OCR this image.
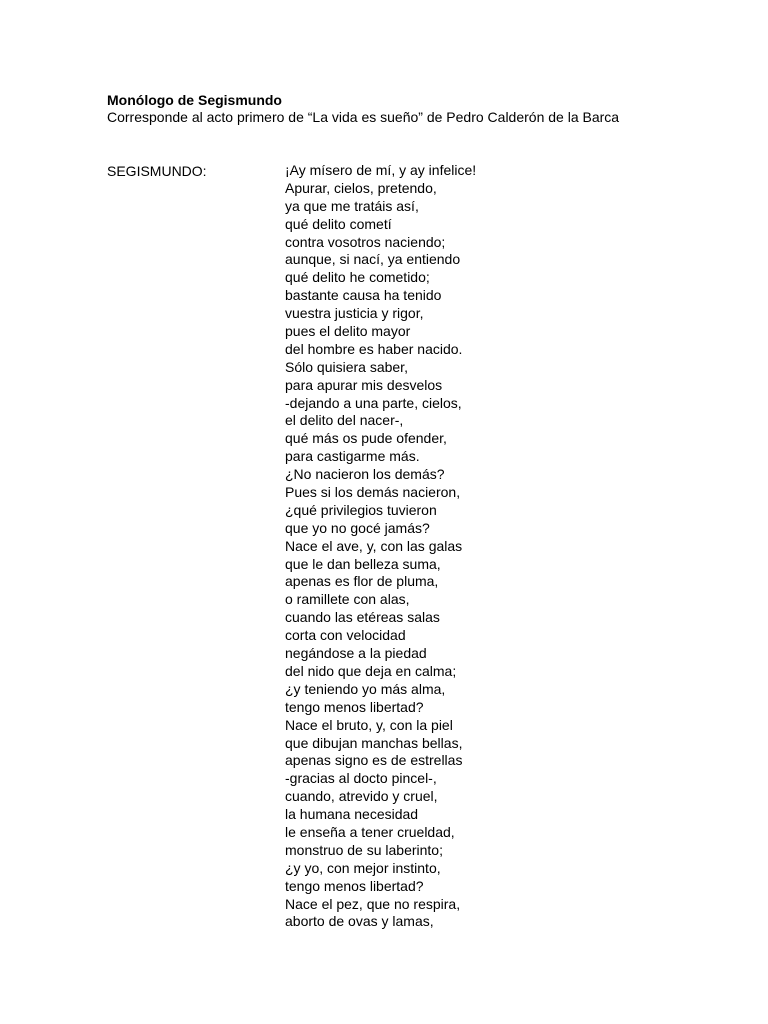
Monólogo de Segismundo
Corresponde al acto primero de “La vida es sueño” de Pedro Calderón de la Barca
SEGISMUNDO:	¡Ay mísero de mí, y ay infelice!
Apurar, cielos, pretendo,
ya que me tratáis así,
qué delito cometí
contra vosotros naciendo;
aunque, si nací, ya entiendo
qué delito he cometido;
bastante causa ha tenido
vuestra justicia y rigor,
pues el delito mayor
del hombre es haber nacido.
Sólo quisiera saber,
para apurar mis desvelos
-dejando a una parte, cielos,
el delito del nacer-,
qué más os pude ofender,
para castigarme más.
¿No nacieron los demás?
Pues si los demás nacieron,
¿qué privilegios tuvieron
que yo no gocé jamás?
Nace el ave, y, con las galas
que le dan belleza suma,
apenas es flor de pluma,
o ramillete con alas,
cuando las etéreas salas
corta con velocidad
negándose a la piedad
del nido que deja en calma;
¿y teniendo yo más alma,
tengo menos libertad?
Nace el bruto, y, con la piel
que dibujan manchas bellas,
apenas signo es de estrellas
-gracias al docto pincel-,
cuando, atrevido y cruel,
la humana necesidad
le enseña a tener crueldad,
monstruo de su laberinto;
¿y yo, con mejor instinto,
tengo menos libertad?
Nace el pez, que no respira,
aborto de ovas y lamas,
